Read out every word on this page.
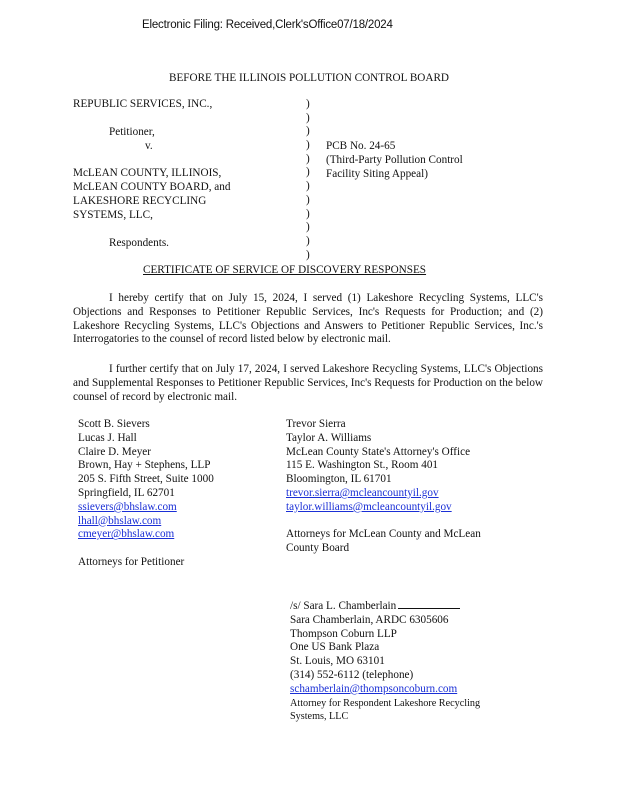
Electronic Filing: Received,Clerk'sOffice07/18/2024
BEFORE THE ILLINOIS POLLUTION CONTROL BOARD
REPUBLIC SERVICES, INC.,
Petitioner,
v.
McLEAN COUNTY, ILLINOIS,
McLEAN COUNTY BOARD, and
LAKESHORE RECYCLING
SYSTEMS, LLC,
Respondents.
)
)
)
)
)
)
)
)
)
)
)
)
PCB No. 24-65
(Third-Party Pollution Control
Facility Siting Appeal)
CERTIFICATE OF SERVICE OF DISCOVERY RESPONSES

I hereby certify that on July 15, 2024, I served (1) Lakeshore Recycling Systems, LLC's Objections and Responses to Petitioner Republic Services, Inc's Requests for Production; and (2) Lakeshore Recycling Systems, LLC's Objections and Answers to Petitioner Republic Services, Inc.'s Interrogatories to the counsel of record listed below by electronic mail.

I further certify that on July 17, 2024, I served Lakeshore Recycling Systems, LLC's Objections and Supplemental Responses to Petitioner Republic Services, Inc's Requests for Production on the below counsel of record by electronic mail.

Scott B. Sievers
Lucas J. Hall
Claire D. Meyer
Brown, Hay + Stephens, LLP
205 S. Fifth Street, Suite 1000
Springfield, IL 62701
ssievers@bhslaw.com
lhall@bhslaw.com
cmeyer@bhslaw.com
Attorneys for Petitioner
Trevor Sierra
Taylor A. Williams
McLean County State's Attorney's Office
115 E. Washington St., Room 401
Bloomington, IL 61701
trevor.sierra@mcleancountyil.gov
taylor.williams@mcleancountyil.gov
Attorneys for McLean County and McLean
County Board
/s/ Sara L. Chamberlain
Sara Chamberlain, ARDC 6305606
Thompson Coburn LLP
One US Bank Plaza
St. Louis, MO 63101
(314) 552-6112 (telephone)
schamberlain@thompsoncoburn.com
Attorney for Respondent Lakeshore Recycling
Systems, LLC
